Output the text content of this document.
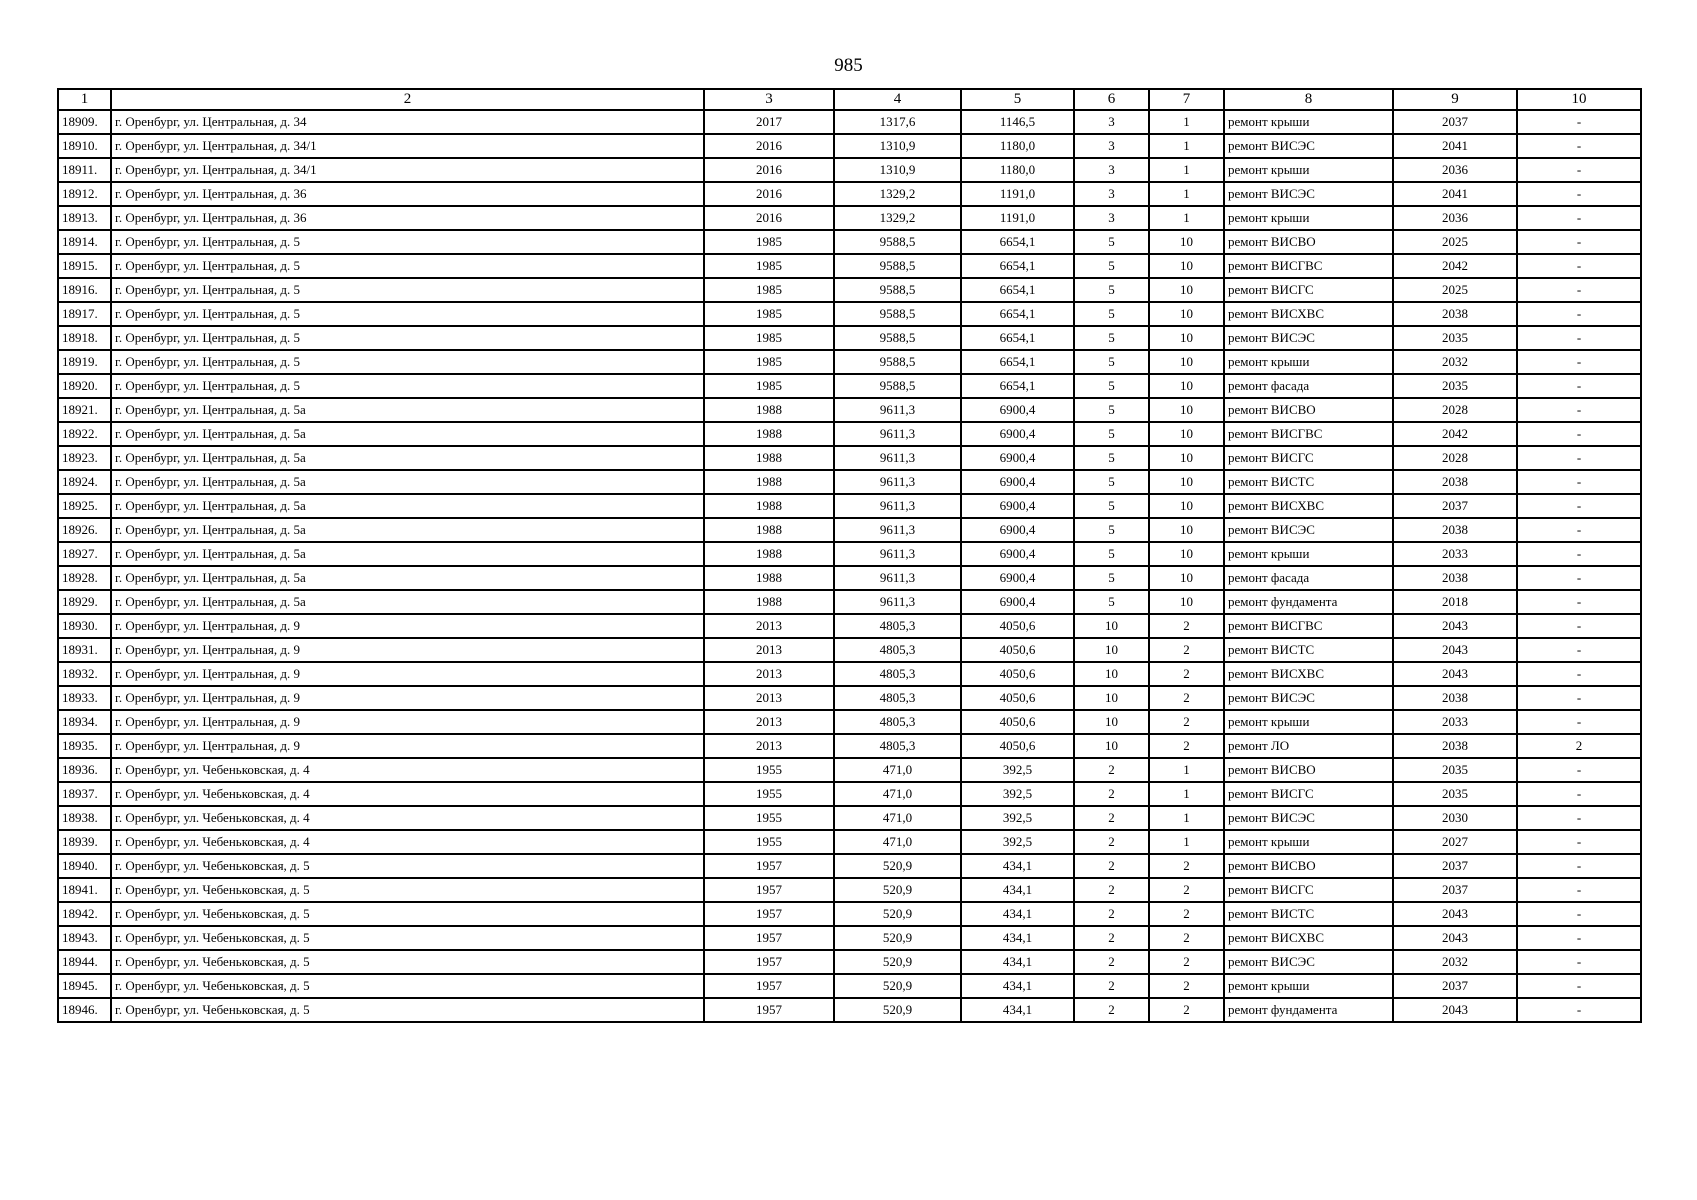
985
1	2	3	4	5	6	7	8	9	10
18909.	г. Оренбург, ул. Центральная, д. 34	2017	1317,6	1146,5	3	1	ремонт крыши	2037	-
18910.	г. Оренбург, ул. Центральная, д. 34/1	2016	1310,9	1180,0	3	1	ремонт ВИСЭС	2041	-
18911.	г. Оренбург, ул. Центральная, д. 34/1	2016	1310,9	1180,0	3	1	ремонт крыши	2036	-
18912.	г. Оренбург, ул. Центральная, д. 36	2016	1329,2	1191,0	3	1	ремонт ВИСЭС	2041	-
18913.	г. Оренбург, ул. Центральная, д. 36	2016	1329,2	1191,0	3	1	ремонт крыши	2036	-
18914.	г. Оренбург, ул. Центральная, д. 5	1985	9588,5	6654,1	5	10	ремонт ВИСВО	2025	-
18915.	г. Оренбург, ул. Центральная, д. 5	1985	9588,5	6654,1	5	10	ремонт ВИСГВС	2042	-
18916.	г. Оренбург, ул. Центральная, д. 5	1985	9588,5	6654,1	5	10	ремонт ВИСГС	2025	-
18917.	г. Оренбург, ул. Центральная, д. 5	1985	9588,5	6654,1	5	10	ремонт ВИСХВС	2038	-
18918.	г. Оренбург, ул. Центральная, д. 5	1985	9588,5	6654,1	5	10	ремонт ВИСЭС	2035	-
18919.	г. Оренбург, ул. Центральная, д. 5	1985	9588,5	6654,1	5	10	ремонт крыши	2032	-
18920.	г. Оренбург, ул. Центральная, д. 5	1985	9588,5	6654,1	5	10	ремонт фасада	2035	-
18921.	г. Оренбург, ул. Центральная, д. 5а	1988	9611,3	6900,4	5	10	ремонт ВИСВО	2028	-
18922.	г. Оренбург, ул. Центральная, д. 5а	1988	9611,3	6900,4	5	10	ремонт ВИСГВС	2042	-
18923.	г. Оренбург, ул. Центральная, д. 5а	1988	9611,3	6900,4	5	10	ремонт ВИСГС	2028	-
18924.	г. Оренбург, ул. Центральная, д. 5а	1988	9611,3	6900,4	5	10	ремонт ВИСТС	2038	-
18925.	г. Оренбург, ул. Центральная, д. 5а	1988	9611,3	6900,4	5	10	ремонт ВИСХВС	2037	-
18926.	г. Оренбург, ул. Центральная, д. 5а	1988	9611,3	6900,4	5	10	ремонт ВИСЭС	2038	-
18927.	г. Оренбург, ул. Центральная, д. 5а	1988	9611,3	6900,4	5	10	ремонт крыши	2033	-
18928.	г. Оренбург, ул. Центральная, д. 5а	1988	9611,3	6900,4	5	10	ремонт фасада	2038	-
18929.	г. Оренбург, ул. Центральная, д. 5а	1988	9611,3	6900,4	5	10	ремонт фундамента	2018	-
18930.	г. Оренбург, ул. Центральная, д. 9	2013	4805,3	4050,6	10	2	ремонт ВИСГВС	2043	-
18931.	г. Оренбург, ул. Центральная, д. 9	2013	4805,3	4050,6	10	2	ремонт ВИСТС	2043	-
18932.	г. Оренбург, ул. Центральная, д. 9	2013	4805,3	4050,6	10	2	ремонт ВИСХВС	2043	-
18933.	г. Оренбург, ул. Центральная, д. 9	2013	4805,3	4050,6	10	2	ремонт ВИСЭС	2038	-
18934.	г. Оренбург, ул. Центральная, д. 9	2013	4805,3	4050,6	10	2	ремонт крыши	2033	-
18935.	г. Оренбург, ул. Центральная, д. 9	2013	4805,3	4050,6	10	2	ремонт ЛО	2038	2
18936.	г. Оренбург, ул. Чебеньковская, д. 4	1955	471,0	392,5	2	1	ремонт ВИСВО	2035	-
18937.	г. Оренбург, ул. Чебеньковская, д. 4	1955	471,0	392,5	2	1	ремонт ВИСГС	2035	-
18938.	г. Оренбург, ул. Чебеньковская, д. 4	1955	471,0	392,5	2	1	ремонт ВИСЭС	2030	-
18939.	г. Оренбург, ул. Чебеньковская, д. 4	1955	471,0	392,5	2	1	ремонт крыши	2027	-
18940.	г. Оренбург, ул. Чебеньковская, д. 5	1957	520,9	434,1	2	2	ремонт ВИСВО	2037	-
18941.	г. Оренбург, ул. Чебеньковская, д. 5	1957	520,9	434,1	2	2	ремонт ВИСГС	2037	-
18942.	г. Оренбург, ул. Чебеньковская, д. 5	1957	520,9	434,1	2	2	ремонт ВИСТС	2043	-
18943.	г. Оренбург, ул. Чебеньковская, д. 5	1957	520,9	434,1	2	2	ремонт ВИСХВС	2043	-
18944.	г. Оренбург, ул. Чебеньковская, д. 5	1957	520,9	434,1	2	2	ремонт ВИСЭС	2032	-
18945.	г. Оренбург, ул. Чебеньковская, д. 5	1957	520,9	434,1	2	2	ремонт крыши	2037	-
18946.	г. Оренбург, ул. Чебеньковская, д. 5	1957	520,9	434,1	2	2	ремонт фундамента	2043	-
